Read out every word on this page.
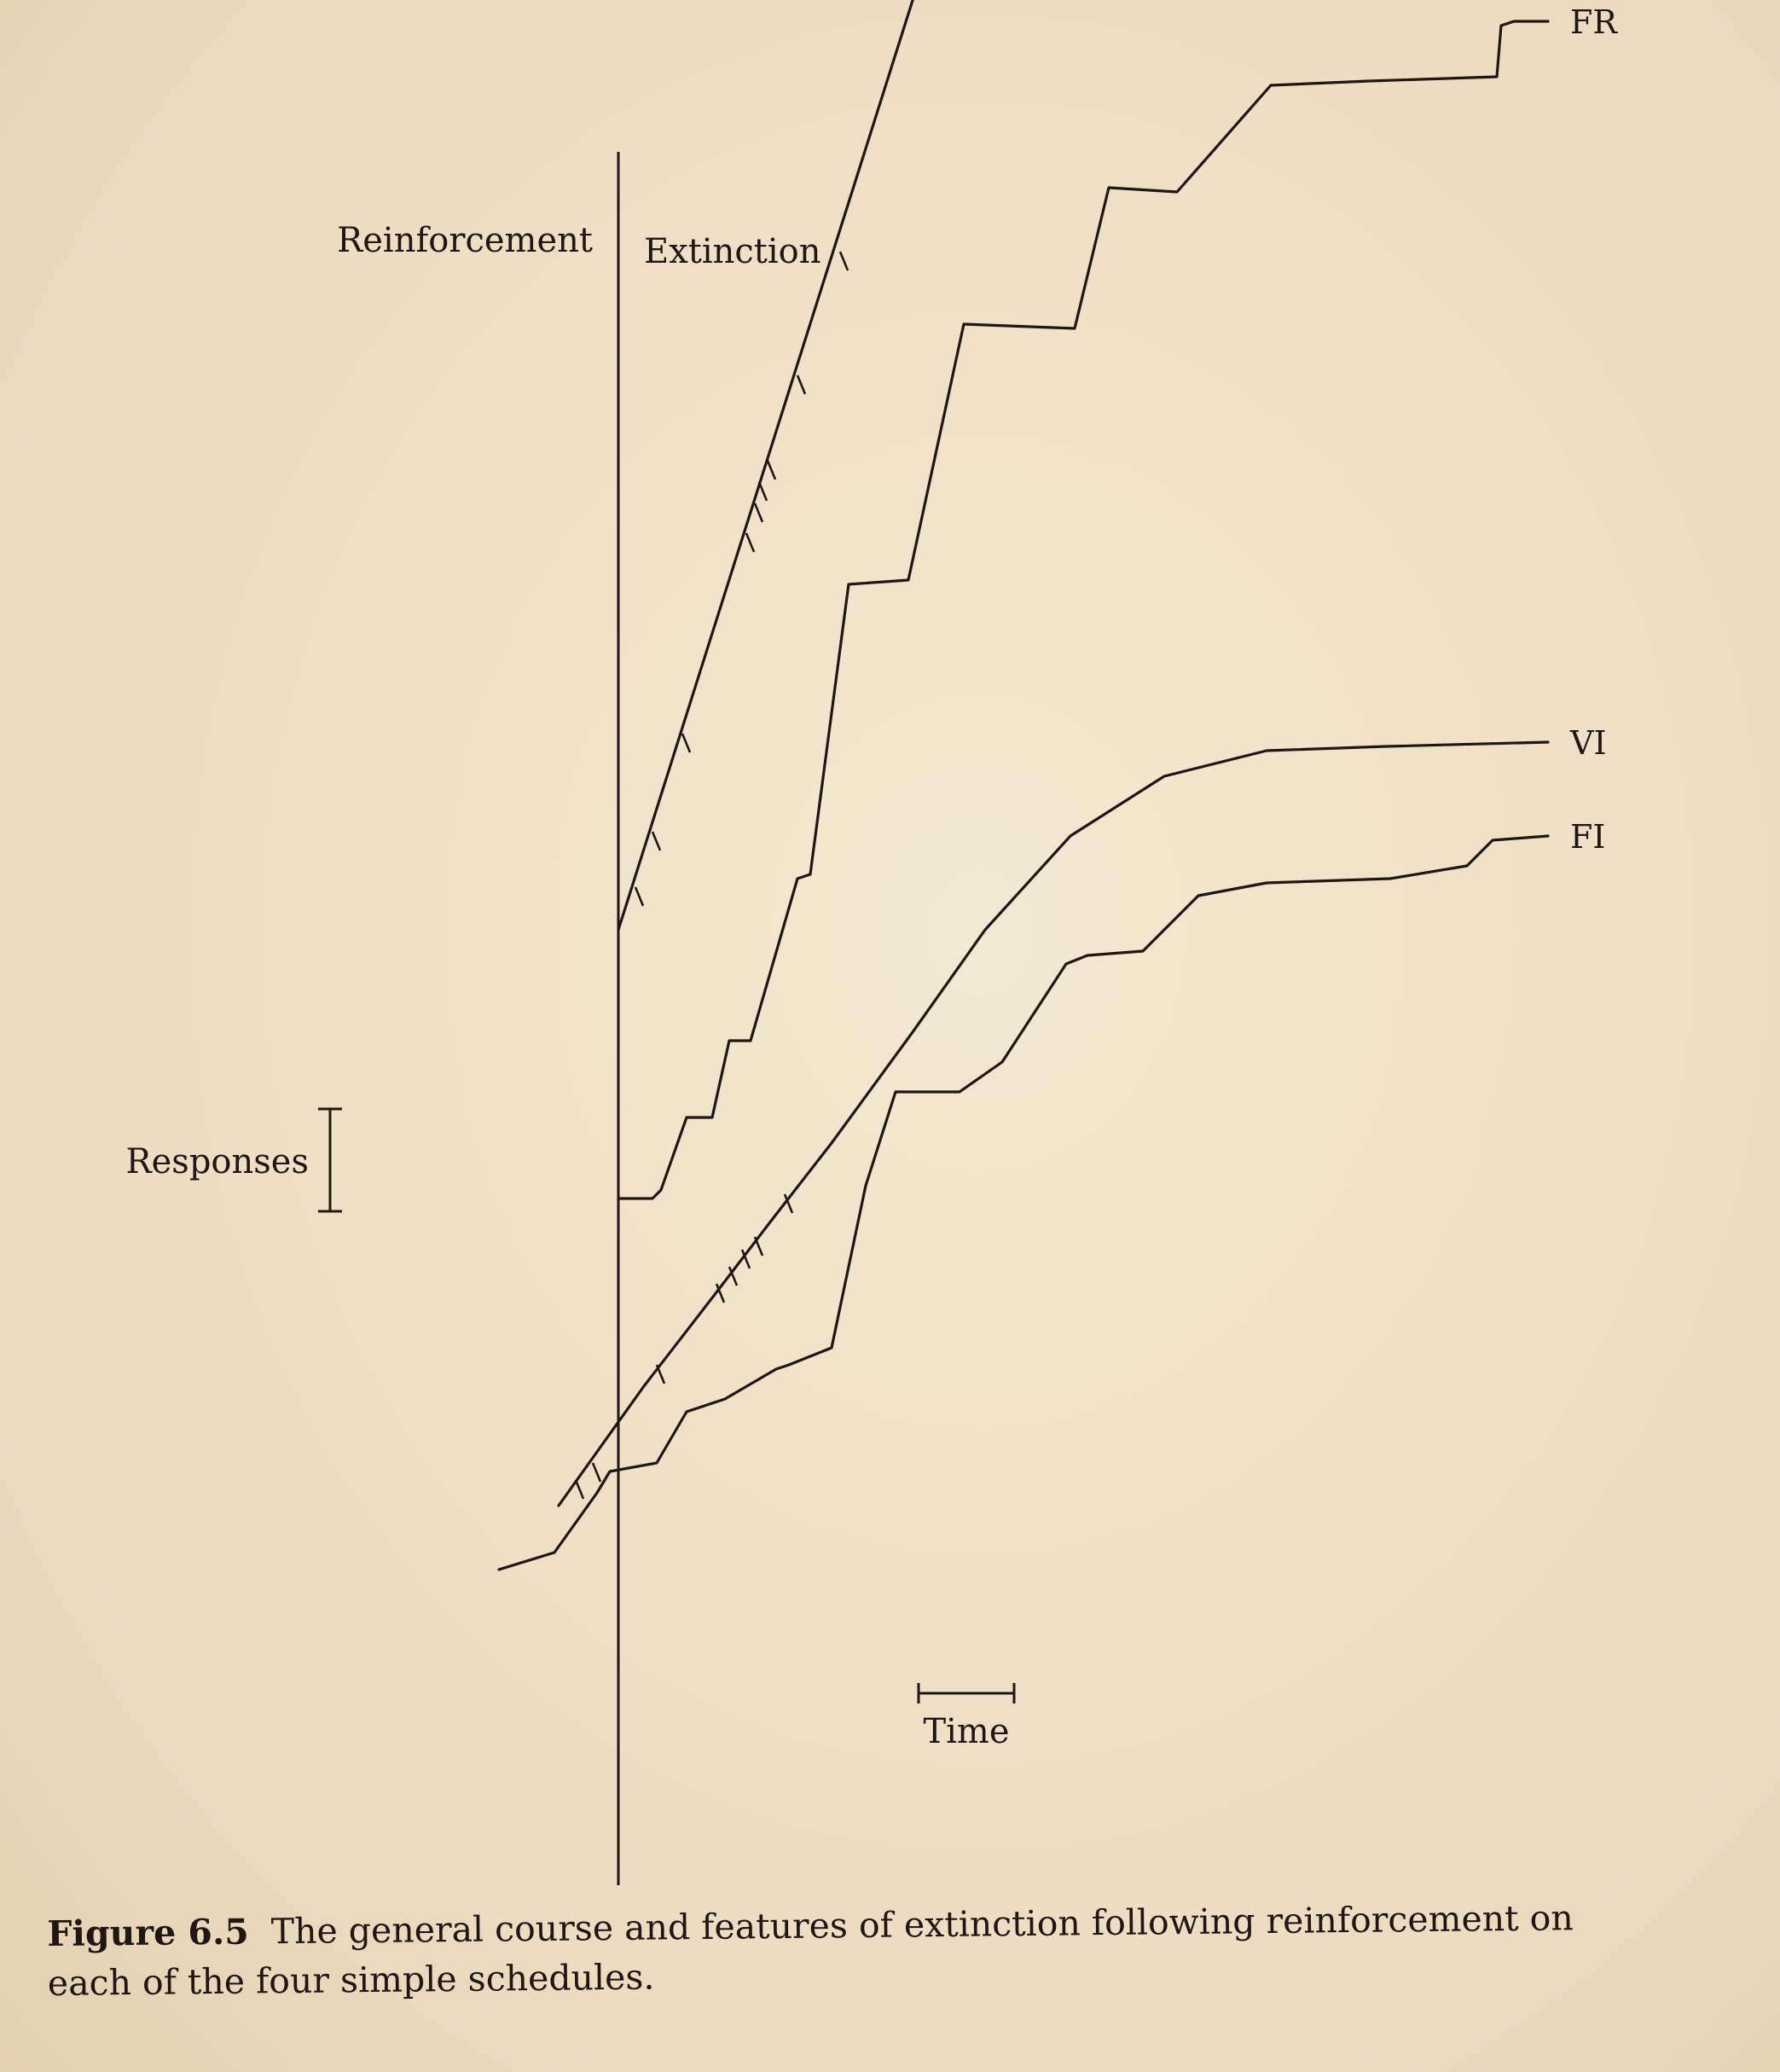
Reinforcement Extinction
Responses
Time
FR
VI
FI
Figure 6.5 The general course and features of extinction following reinforcement on each of the four simple schedules.
